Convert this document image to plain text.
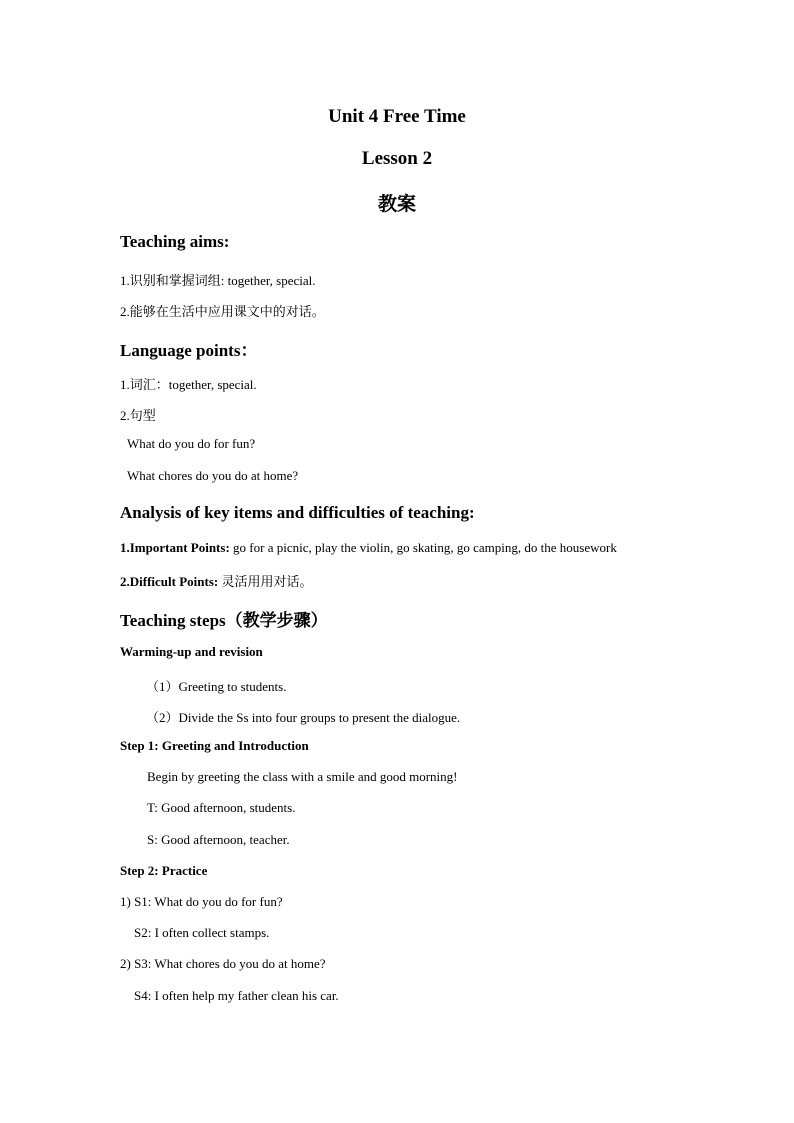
Unit 4 Free Time
Lesson 2
教案
Teaching aims:
1.识别和掌握词组: together, special.
2.能够在生活中应用课文中的对话。
Language points：
1.词汇：together, special.
2.句型
What do you do for fun?
What chores do you do at home?
Analysis of key items and difficulties of teaching:
1.Important Points: go for a picnic, play the violin, go skating, go camping, do the housework
2.Difficult Points: 灵活用用对话。
Teaching steps（教学步骤）
Warming-up and revision
（1）Greeting to students.
（2）Divide the Ss into four groups to present the dialogue.
Step 1: Greeting and Introduction
Begin by greeting the class with a smile and good morning!
T: Good afternoon, students.
S: Good afternoon, teacher.
Step 2: Practice
1) S1: What do you do for fun?
S2: I often collect stamps.
2) S3: What chores do you do at home?
S4: I often help my father clean his car.
